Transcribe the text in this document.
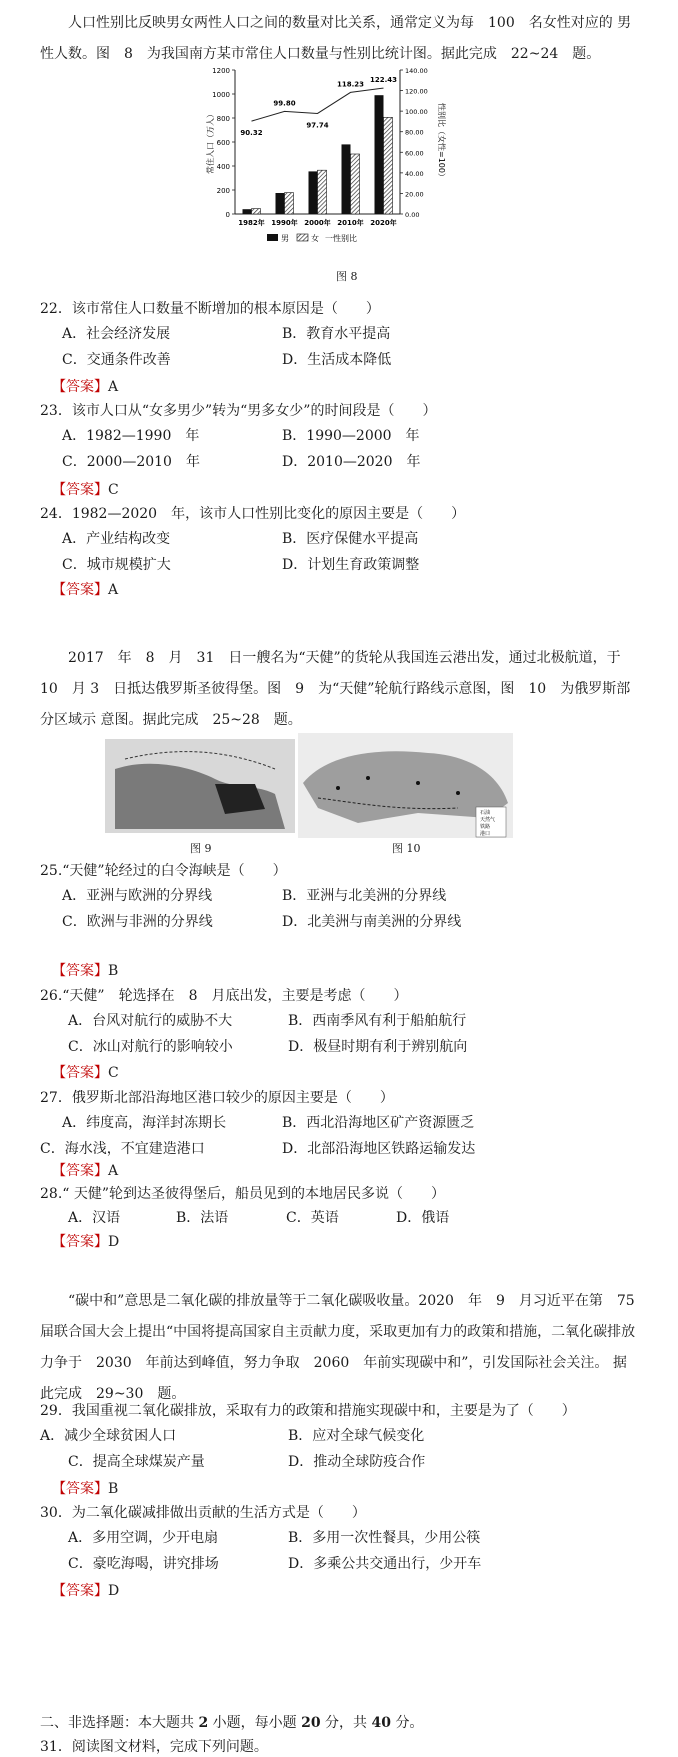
人口性别比反映男女两性人口之间的数量对比关系，通常定义为每　100　名女性对应的 男性人数。图　8　为我国南方某市常住人口数量与性别比统计图。据此完成　22~24　题。
0
200
400
600
800
1000
1200
0.00
20.00
40.00
60.00
80.00
100.00
120.00
140.00
90.32
99.80
97.74
118.23
122.43
1982年 1990年 2000年 2010年 2020年
常住人口（万人）	性别比（女性=100）
男	女 一性别比
图 8
22．该市常住人口数量不断增加的根本原因是（　　）
A．社会经济发展	B．教育水平提高
C．交通条件改善	D．生活成本降低
【答案】A
23．该市人口从“女多男少”转为“男多女少”的时间段是（　　）
A．1982—1990　年	B．1990—2000　年
C．2000—2010　年	D．2010—2020　年
【答案】C
24．1982—2020　年，该市人口性别比变化的原因主要是（　　）
A．产业结构改变	B．医疗保健水平提高
C．城市规模扩大	D．计划生育政策调整
【答案】A
2017　年　8　月　31　日一艘名为“天健”的货轮从我国连云港出发，通过北极航道，于　10　月 3　日抵达俄罗斯圣彼得堡。图　9　为“天健”轮航行路线示意图，图　10　为俄罗斯部分区域示 意图。据此完成　25~28　题。
图 9
石油
天然气
铁路
港口
图 10
25.“天健”轮经过的白令海峡是（　　）
A．亚洲与欧洲的分界线	B．亚洲与北美洲的分界线
C．欧洲与非洲的分界线	D．北美洲与南美洲的分界线
【答案】B
26.“天健”　轮选择在　8　月底出发，主要是考虑（　　）
A．台风对航行的威胁不大	B．西南季风有利于船舶航行
C．冰山对航行的影响较小	D．极昼时期有利于辨别航向
【答案】C
27．俄罗斯北部沿海地区港口较少的原因主要是（　　）
A．纬度高，海洋封冻期长	B．西北沿海地区矿产资源匮乏
C．海水浅，不宜建造港口	D．北部沿海地区铁路运输发达
【答案】A
28.“ 天健”轮到达圣彼得堡后，船员见到的本地居民多说（　　）
A．汉语	B．法语	C．英语	D．俄语
【答案】D
“碳中和”意思是二氧化碳的排放量等于二氧化碳吸收量。2020　年　9　月习近平在第　75　届联合国大会上提出“中国将提高国家自主贡献力度，采取更加有力的政策和措施，二氧化碳排放力争于　2030　年前达到峰值，努力争取　2060　年前实现碳中和”，引发国际社会关注。 据此完成　29~30　题。
29．我国重视二氧化碳排放，采取有力的政策和措施实现碳中和，主要是为了（　　）
A．减少全球贫困人口	B．应对全球气候变化
C．提高全球煤炭产量	D．推动全球防疫合作
【答案】B
30．为二氧化碳减排做出贡献的生活方式是（　　）
A．多用空调，少开电扇	B．多用一次性餐具，少用公筷
C．豪吃海喝，讲究排场	D．多乘公共交通出行，少开车
【答案】D
二、非选择题：本大题共 2 小题，每小题 20 分，共 40 分。
31．阅读图文材料，完成下列问题。
